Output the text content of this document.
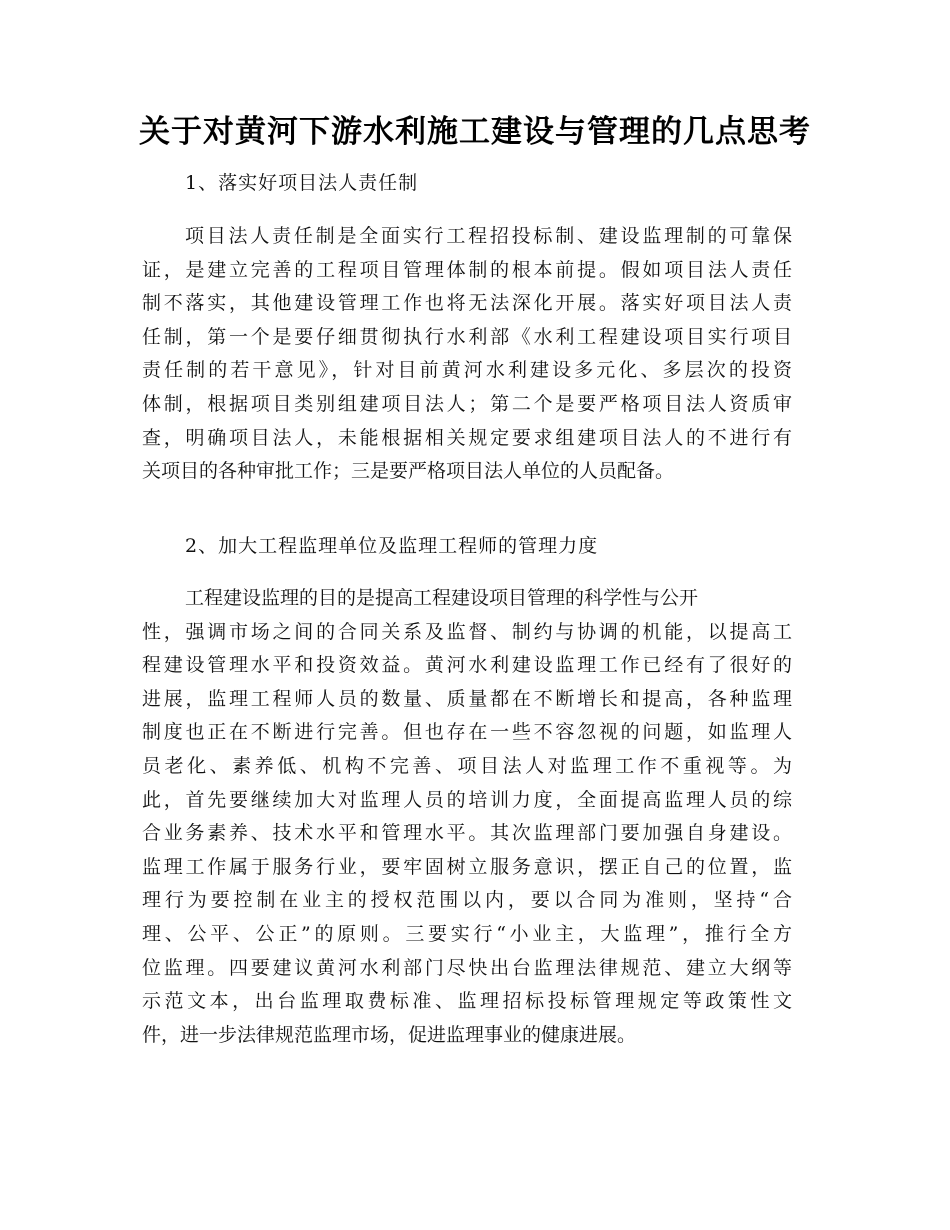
关于对黄河下游水利施工建设与管理的几点思考

1、落实好项目法人责任制

项目法人责任制是全面实行工程招投标制、建设监理制的可靠保
证，是建立完善的工程项目管理体制的根本前提。假如项目法人责任
制不落实，其他建设管理工作也将无法深化开展。落实好项目法人责
任制，第一个是要仔细贯彻执行水利部《水利工程建设项目实行项目
责任制的若干意见》，针对目前黄河水利建设多元化、多层次的投资
体制，根据项目类别组建项目法人；第二个是要严格项目法人资质审
查，明确项目法人，未能根据相关规定要求组建项目法人的不进行有
关项目的各种审批工作；三是要严格项目法人单位的人员配备。

2、加大工程监理单位及监理工程师的管理力度

工程建设监理的目的是提高工程建设项目管理的科学性与公开
性，强调市场之间的合同关系及监督、制约与协调的机能，以提高工
程建设管理水平和投资效益。黄河水利建设监理工作已经有了很好的
进展，监理工程师人员的数量、质量都在不断增长和提高，各种监理
制度也正在不断进行完善。但也存在一些不容忽视的问题，如监理人
员老化、素养低、机构不完善、项目法人对监理工作不重视等。为
此，首先要继续加大对监理人员的培训力度，全面提高监理人员的综
合业务素养、技术水平和管理水平。其次监理部门要加强自身建设。
监理工作属于服务行业，要牢固树立服务意识，摆正自己的位置，监
理行为要控制在业主的授权范围以内，要以合同为准则，坚持“合
理、公平、公正”的原则。三要实行“小业主，大监理”，推行全方
位监理。四要建议黄河水利部门尽快出台监理法律规范、建立大纲等
示范文本，出台监理取费标准、监理招标投标管理规定等政策性文
件，进一步法律规范监理市场，促进监理事业的健康进展。
